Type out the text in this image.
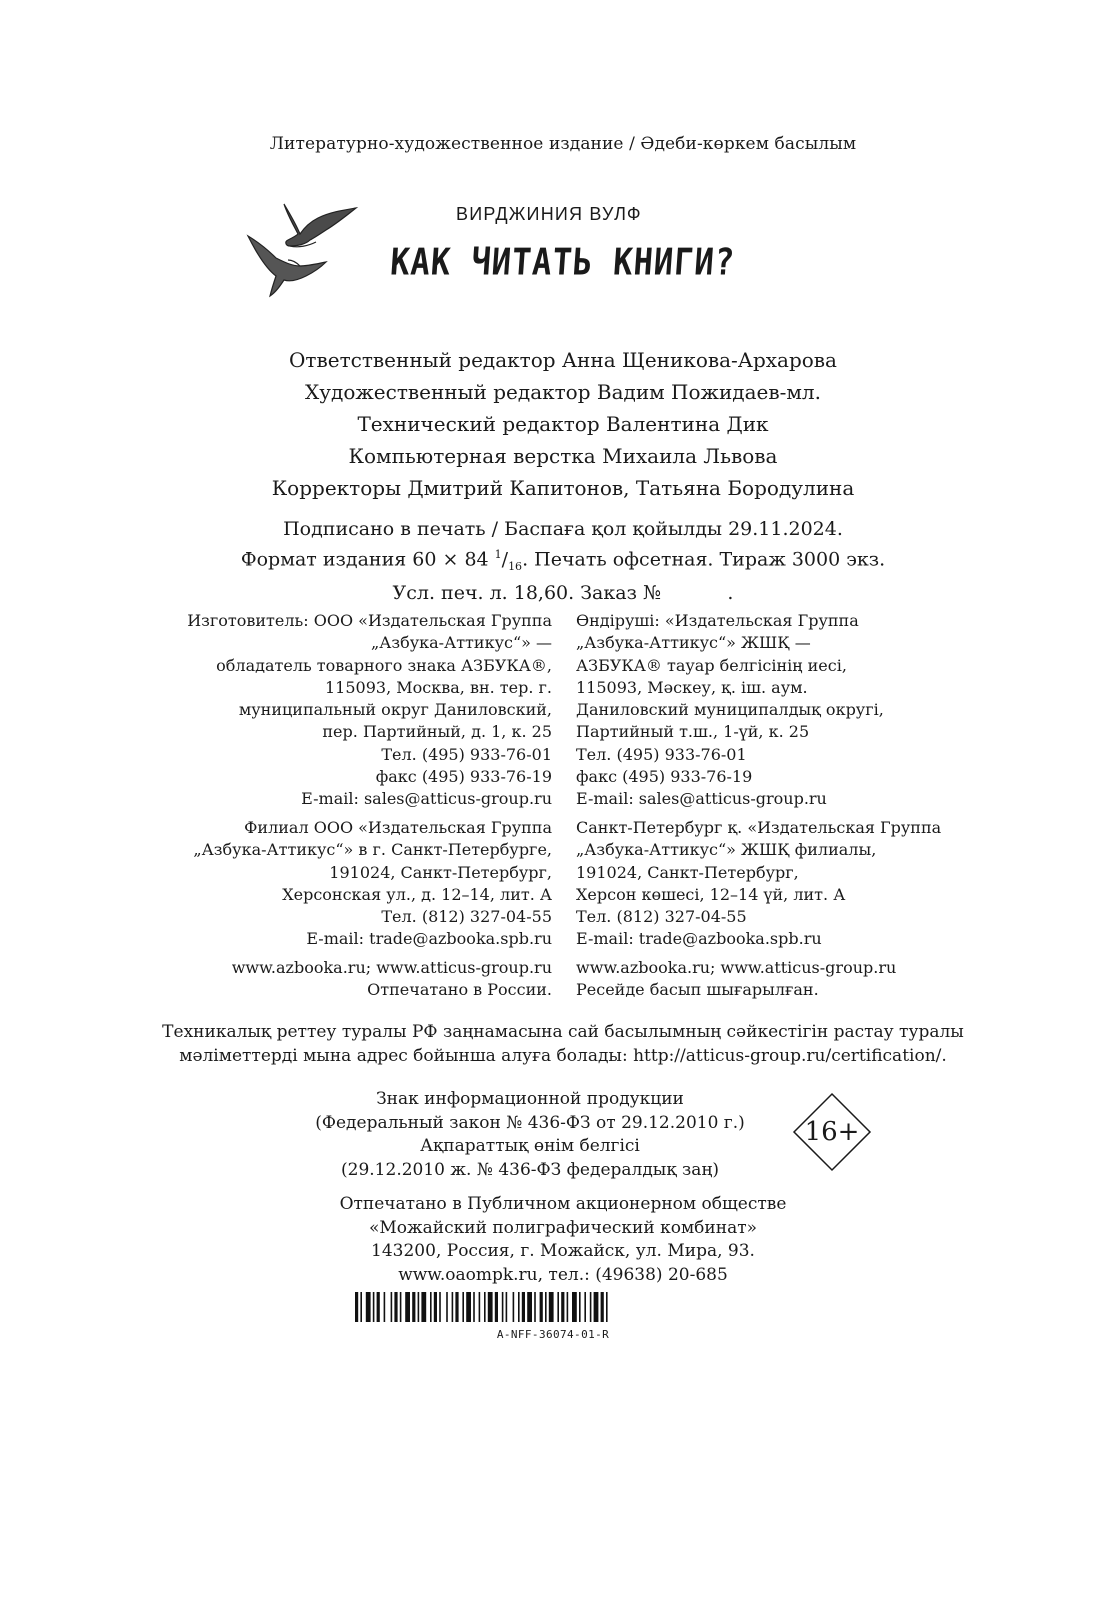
Литературно-художественное издание / Әдеби-көркем басылым
ВИРДЖИНИЯ ВУЛФ
КАК ЧИТАТЬ КНИГИ?
Ответственный редактор Анна Щеникова-Архарова
Художественный редактор Вадим Пожидаев-мл.
Технический редактор Валентина Дик
Компьютерная верстка Михаила Львова
Корректоры Дмитрий Капитонов, Татьяна Бородулина
Подписано в печать / Баспаға қол қойылды 29.11.2024.
Формат издания 60 × 84 $^1/_{16}$. Печать офсетная. Тираж 3000 экз.
Усл. печ. л. 18,60. Заказ №           .
Изготовитель: ООО «Издательская Группа
„Азбука-Аттикус“» —
обладатель товарного знака АЗБУКА®,
115093, Москва, вн. тер. г.
муниципальный округ Даниловский,
пер. Партийный, д. 1, к. 25
Тел. (495) 933-76-01
факс (495) 933-76-19
E-mail: sales@atticus-group.ru
Өндіруші: «Издательская Группа
„Азбука-Аттикус“» ЖШҚ —
АЗБУКА® тауар белгісінің иесі,
115093, Мәскеу, қ. іш. аум.
Даниловский муниципалдық округі,
Партийный т.ш., 1-үй, к. 25
Тел. (495) 933-76-01
факс (495) 933-76-19
E-mail: sales@atticus-group.ru
Филиал ООО «Издательская Группа
„Азбука-Аттикус“» в г. Санкт-Петербурге,
191024, Санкт-Петербург,
Херсонская ул., д. 12–14, лит. А
Тел. (812) 327-04-55
E-mail: trade@azbooka.spb.ru
Санкт-Петербург қ. «Издательская Группа
„Азбука-Аттикус“» ЖШҚ филиалы,
191024, Санкт-Петербург,
Херсон көшесі, 12–14 үй, лит. А
Тел. (812) 327-04-55
E-mail: trade@azbooka.spb.ru
www.azbooka.ru; www.atticus-group.ru
Отпечатано в России.
www.azbooka.ru; www.atticus-group.ru
Ресейде басып шығарылған.
Техникалық реттеу туралы РФ заңнамасына сай басылымның сәйкестігін растау туралы
мәліметтерді мына адрес бойынша алуға болады: http://atticus-group.ru/certification/.
Знак информационной продукции
(Федеральный закон № 436-ФЗ от 29.12.2010 г.)
Ақпараттық өнім белгісі
(29.12.2010 ж. № 436-ФЗ федералдық заң)
16+
Отпечатано в Публичном акционерном обществе
«Можайский полиграфический комбинат»
143200, Россия, г. Можайск, ул. Мира, 93.
www.oaompk.ru, тел.: (49638) 20-685
A-NFF-36074-01-R
